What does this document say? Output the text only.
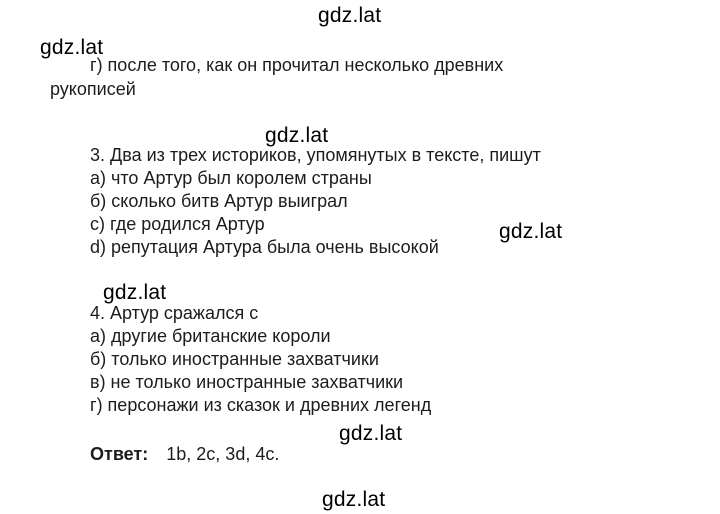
gdz.lat
gdz.lat
gdz.lat
gdz.lat
gdz.lat
gdz.lat
gdz.lat
г) после того, как он прочитал несколько древних
рукописей
3. Два из трех историков, упомянутых в тексте, пишут
а) что Артур был королем страны
б) сколько битв Артур выиграл
с) где родился Артур
d) репутация Артура была очень высокой
4. Артур сражался с
а) другие британские короли
б) только иностранные захватчики
в) не только иностранные захватчики
г) персонажи из сказок и древних легенд
Ответ: 1b, 2c, 3d, 4c.
